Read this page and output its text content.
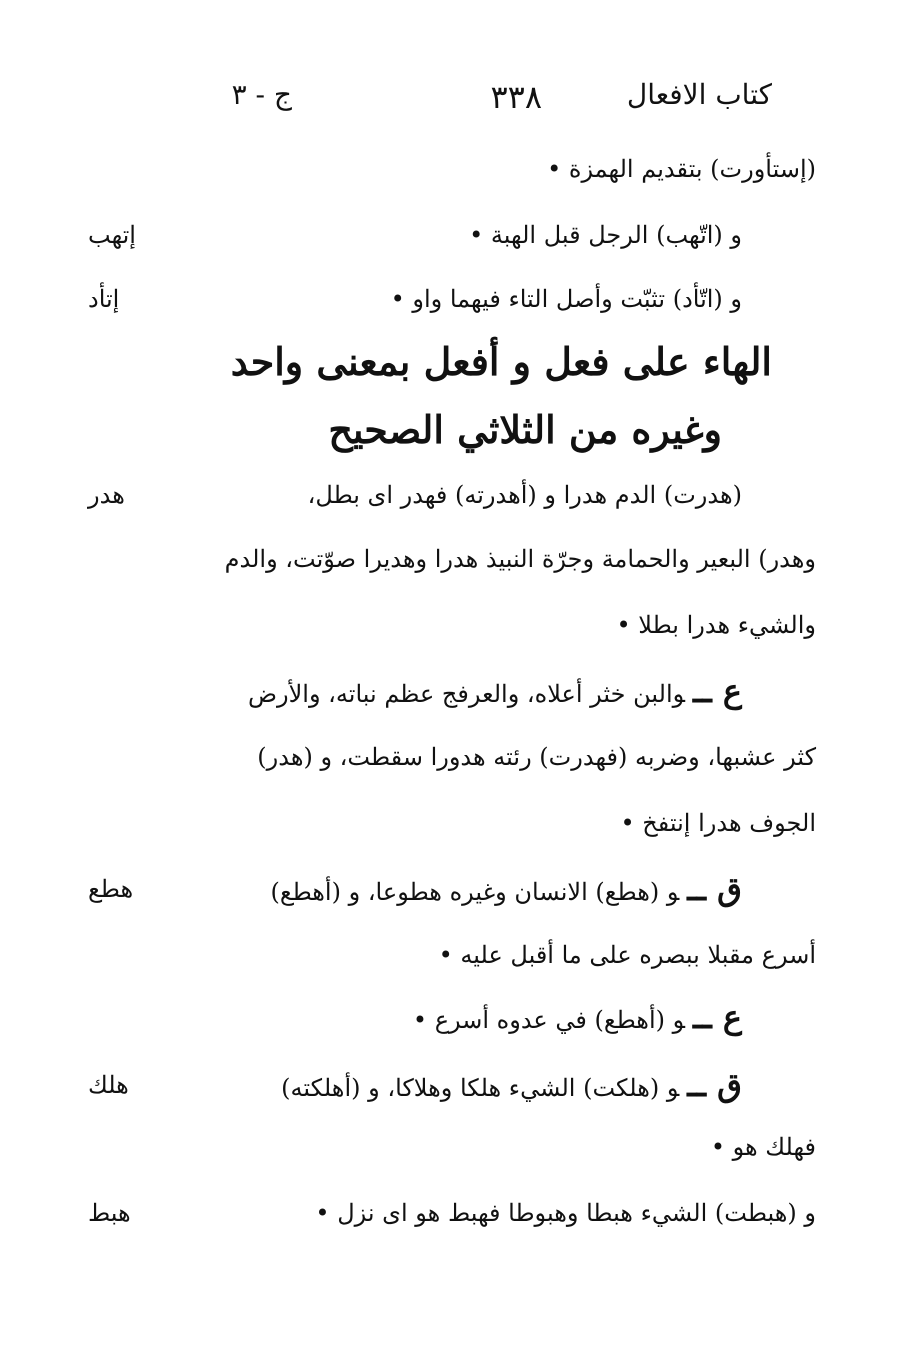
كتاب الافعال
٣٣٨
ج - ٣
(إستأورت) بتقديم الهمزة •
و (اتّهب) الرجل قبل الهبة •
إتهب
و (اتّأد) تثبّت وأصل التاء فيهما واو •
إتأد
الهاء على فعل و أفعل بمعنى واحد
وغيره من الثلاثي الصحيح
(هدرت) الدم هدرا و (أهدرته) فهدر اى بطل،
هدر
وهدر) البعير والحمامة وجرّة النبيذ هدرا وهديرا صوّتت، والدم
والشيء هدرا بطلا •
ع ــوالبن خثر أعلاه، والعرفج عظم نباته، والأرض
كثر عشبها، وضربه (فهدرت) رئته هدورا سقطت، و (هدر)
الجوف هدرا إنتفخ •
ق ــو (هطع) الانسان وغيره هطوعا، و (أهطع)
هطع
أسرع مقبلا ببصره على ما أقبل عليه •
ع ــو (أهطع) في عدوه أسرع •
ق ــو (هلكت) الشيء هلكا وهلاكا، و (أهلكته)
هلك
فهلك هو •
و (هبطت) الشيء هبطا وهبوطا فهبط هو اى نزل •
هبط
